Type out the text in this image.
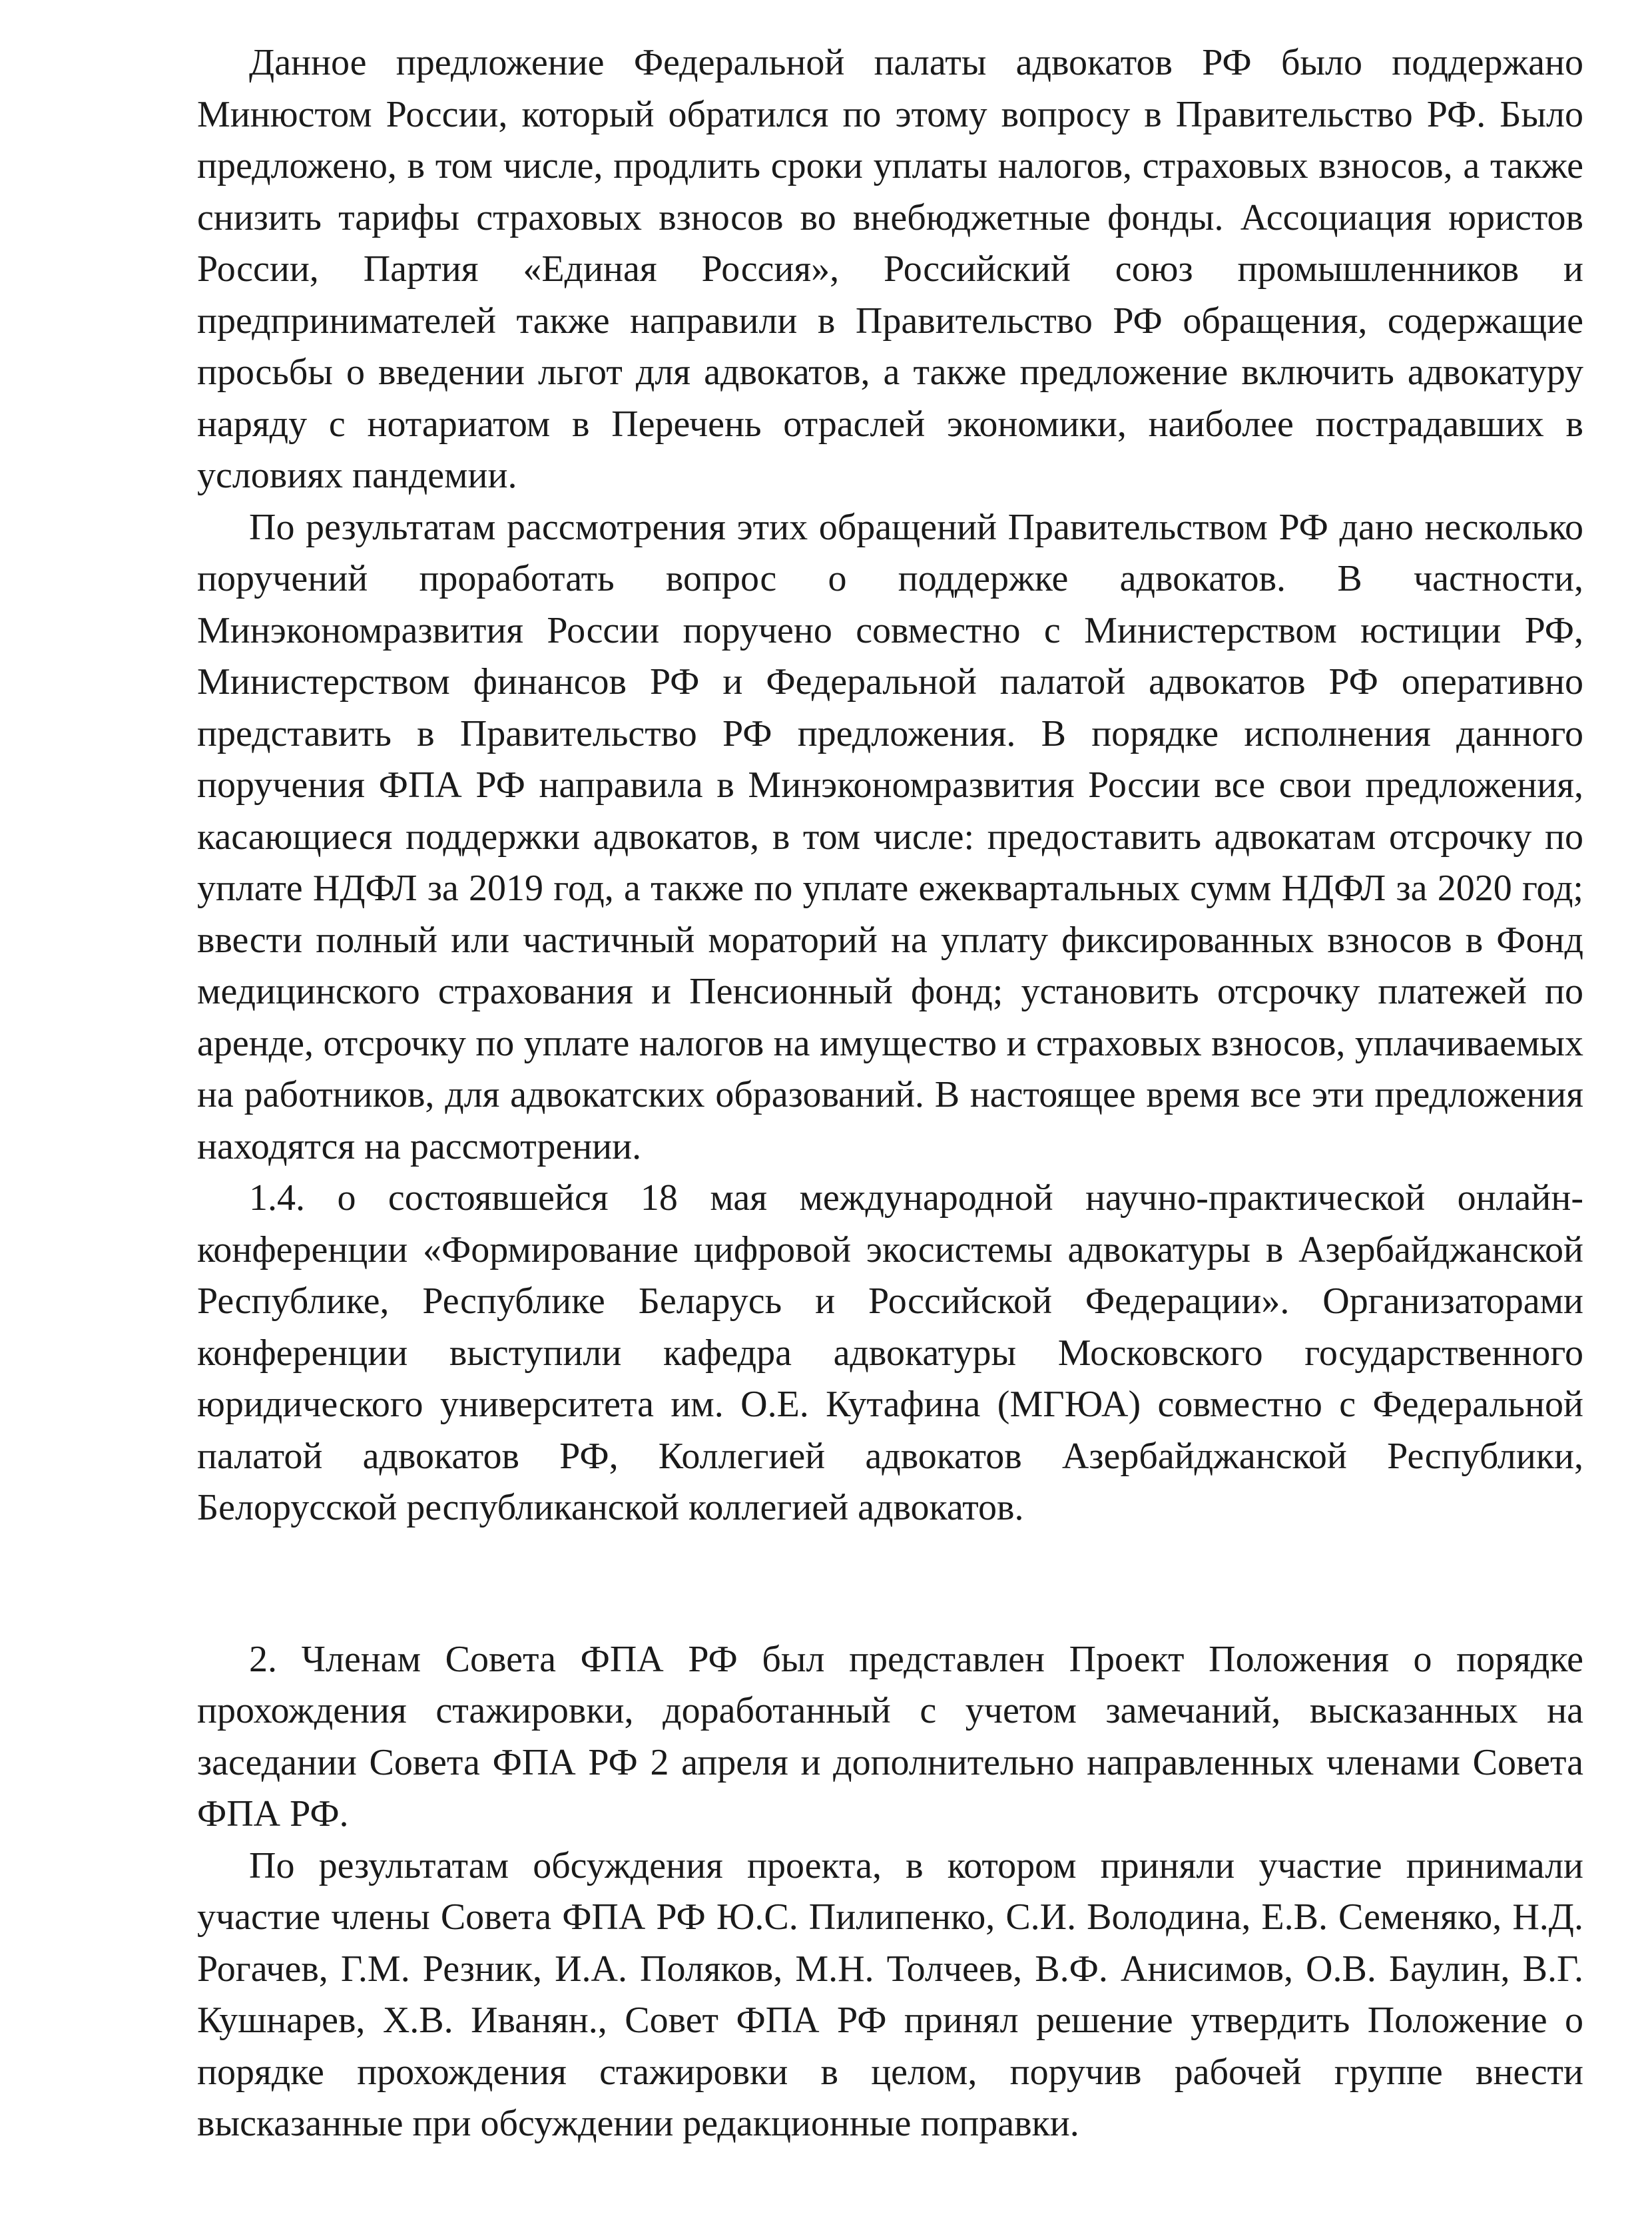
Данное предложение Федеральной палаты адвокатов РФ было поддержано Минюстом России, который обратился по этому вопросу в Правительство РФ. Было предложено, в том числе, продлить сроки уплаты налогов, страховых взносов, а также снизить тарифы страховых взносов во внебюджетные фонды. Ассоциация юристов России, Партия «Единая Россия», Российский союз промышленников и предпринимателей также направили в Правительство РФ обращения, содержащие просьбы о введении льгот для адвокатов, а также предложение включить адвокатуру наряду с нотариатом в Перечень отраслей экономики, наиболее пострадавших в условиях пандемии.

По результатам рассмотрения этих обращений Правительством РФ дано несколько поручений проработать вопрос о поддержке адвокатов. В частности, Минэкономразвития России поручено совместно с Министерством юстиции РФ, Министерством финансов РФ и Федеральной палатой адвокатов РФ оперативно представить в Правительство РФ предложения. В порядке исполнения данного поручения ФПА РФ направила в Минэкономразвития России все свои предложения, касающиеся поддержки адвокатов, в том числе: предоставить адвокатам отсрочку по уплате НДФЛ за 2019 год, а также по уплате ежеквартальных сумм НДФЛ за 2020 год; ввести полный или частичный мораторий на уплату фиксированных взносов в Фонд медицинского страхования и Пенсионный фонд; установить отсрочку платежей по аренде, отсрочку по уплате налогов на имущество и страховых взносов, уплачиваемых на работников, для адвокатских образований. В настоящее время все эти предложения находятся на рассмотрении.

1.4. о состоявшейся 18 мая международной научно-практической онлайн-конференции «Формирование цифровой экосистемы адвокатуры в Азербайджанской Республике, Республике Беларусь и Российской Федерации». Организаторами конференции выступили кафедра адвокатуры Московского государственного юридического университета им. О.Е. Кутафина (МГЮА) совместно с Федеральной палатой адвокатов РФ, Коллегией адвокатов Азербайджанской Республики, Белорусской республиканской коллегией адвокатов.

2. Членам Совета ФПА РФ был представлен Проект Положения о порядке прохождения стажировки, доработанный с учетом замечаний, высказанных на заседании Совета ФПА РФ 2 апреля и дополнительно направленных членами Совета ФПА РФ.

По результатам обсуждения проекта, в котором приняли участие принимали участие члены Совета ФПА РФ Ю.С. Пилипенко, С.И. Володина, Е.В. Семеняко, Н.Д. Рогачев, Г.М. Резник, И.А. Поляков, М.Н. Толчеев, В.Ф. Анисимов, О.В. Баулин, В.Г. Кушнарев, Х.В. Иванян., Совет ФПА РФ принял решение утвердить Положение о порядке прохождения стажировки в целом, поручив рабочей группе внести высказанные при обсуждении редакционные поправки.
